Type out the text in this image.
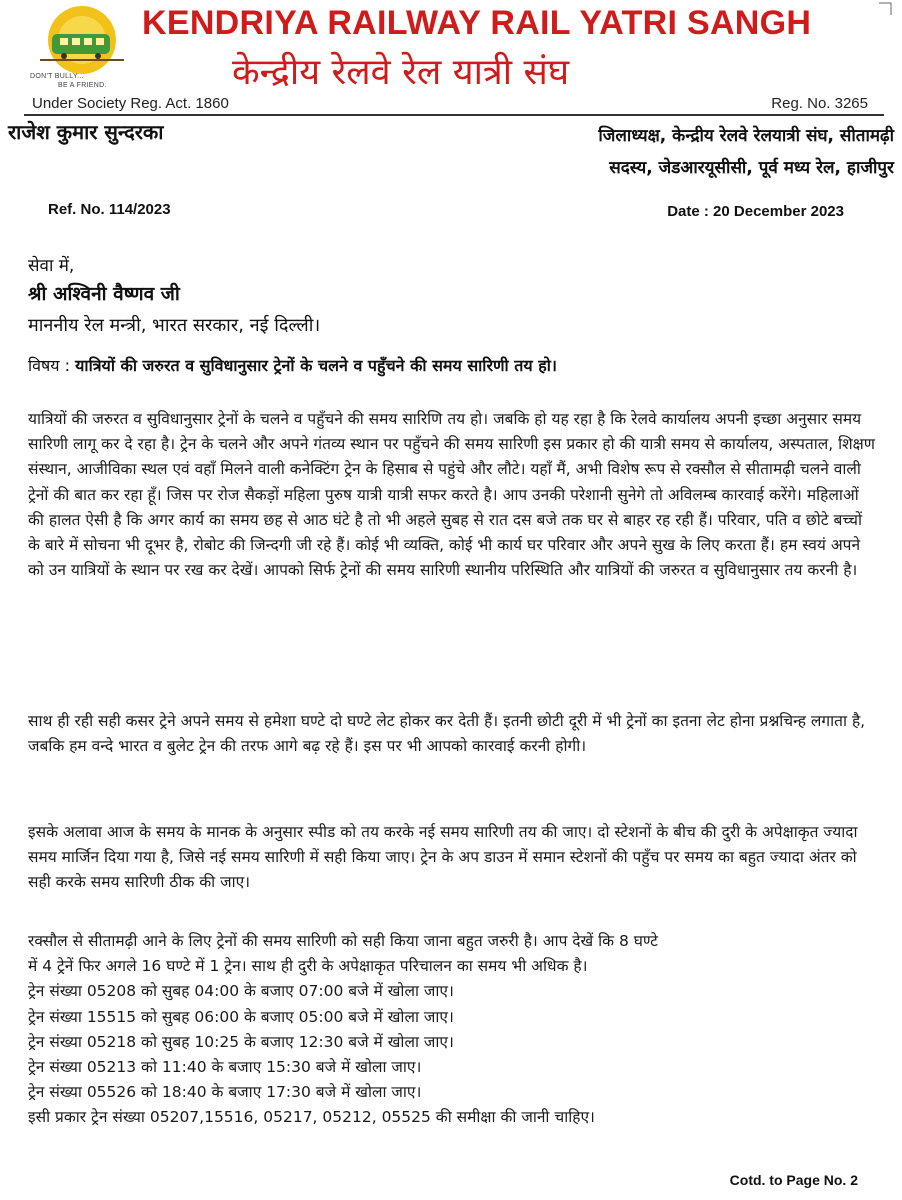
DON'T BULLY...
BE A FRIEND.
KENDRIYA RAILWAY RAIL YATRI SANGH
केन्द्रीय रेलवे रेल यात्री संघ
Under Society Reg. Act. 1860	Reg. No. 3265
राजेश कुमार सुन्दरका	जिलाध्यक्ष, केन्द्रीय रेलवे रेलयात्री संघ, सीतामढ़ी
सदस्य, जेडआरयूसीसी, पूर्व मध्य रेल, हाजीपुर
Ref. No. 114/2023	Date : 20 December 2023
सेवा में,
श्री अश्विनी वैष्णव जी
माननीय रेल मन्त्री, भारत सरकार, नई दिल्ली।
विषय : यात्रियों की जरुरत व सुविधानुसार ट्रेनों के चलने व पहुँचने की समय सारिणी तय हो।
यात्रियों की जरुरत व सुविधानुसार ट्रेनों के चलने व पहुँचने की समय सारिणि तय हो। जबकि हो यह रहा है कि रेलवे कार्यालय अपनी इच्छा अनुसार समय सारिणी लागू कर दे रहा है। ट्रेन के चलने और अपने गंतव्य स्थान पर पहुँचने की समय सारिणी इस प्रकार हो की यात्री समय से कार्यालय, अस्पताल, शिक्षण संस्थान, आजीविका स्थल एवं वहाँ मिलने वाली कनेक्टिंग ट्रेन के हिसाब से पहुंचे और लौटे। यहाँ मैं, अभी विशेष रूप से रक्सौल से सीतामढ़ी चलने वाली ट्रेनों की बात कर रहा हूँ। जिस पर रोज सैकड़ों महिला पुरुष यात्री यात्री सफर करते है। आप उनकी परेशानी सुनेगे तो अविलम्ब कारवाई करेंगे। महिलाओं की हालत ऐसी है कि अगर कार्य का समय छह से आठ घंटे है तो भी अहले सुबह से रात दस बजे तक घर से बाहर रह रही हैं। परिवार, पति व छोटे बच्चों के बारे में सोचना भी दूभर है, रोबोट की जिन्दगी जी रहे हैं। कोई भी व्यक्ति, कोई भी कार्य घर परिवार और अपने सुख के लिए करता हैं। हम स्वयं अपने को उन यात्रियों के स्थान पर रख कर देखें। आपको सिर्फ ट्रेनों की समय सारिणी स्थानीय परिस्थिति और यात्रियों की जरुरत व सुविधानुसार तय करनी है।
साथ ही रही सही कसर ट्रेने अपने समय से हमेशा घण्टे दो घण्टे लेट होकर कर देती हैं। इतनी छोटी दूरी में भी ट्रेनों का इतना लेट होना प्रश्नचिन्ह लगाता है, जबकि हम वन्दे भारत व बुलेट ट्रेन की तरफ आगे बढ़ रहे हैं। इस पर भी आपको कारवाई करनी होगी।
इसके अलावा आज के समय के मानक के अनुसार स्पीड को तय करके नई समय सारिणी तय की जाए। दो स्टेशनों के बीच की दुरी के अपेक्षाकृत ज्यादा समय मार्जिन दिया गया है, जिसे नई समय सारिणी में सही किया जाए। ट्रेन के अप डाउन में समान स्टेशनों की पहुँच पर समय का बहुत ज्यादा अंतर को सही करके समय सारिणी ठीक की जाए।
रक्सौल से सीतामढ़ी आने के लिए ट्रेनों की समय सारिणी को सही किया जाना बहुत जरुरी है। आप देखें कि 8 घण्टे
में 4 ट्रेनें फिर अगले 16 घण्टे में 1 ट्रेन। साथ ही दुरी के अपेक्षाकृत परिचालन का समय भी अधिक है।
ट्रेन संख्या 05208 को सुबह 04:00 के बजाए 07:00 बजे में खोला जाए।
ट्रेन संख्या 15515 को सुबह 06:00 के बजाए 05:00 बजे में खोला जाए।
ट्रेन संख्या 05218 को सुबह 10:25 के बजाए 12:30 बजे में खोला जाए।
ट्रेन संख्या 05213 को 11:40 के बजाए 15:30 बजे में खोला जाए।
ट्रेन संख्या 05526 को 18:40 के बजाए 17:30 बजे में खोला जाए।
इसी प्रकार ट्रेन संख्या 05207,15516, 05217, 05212, 05525 की समीक्षा की जानी चाहिए।
Cotd. to Page No. 2
